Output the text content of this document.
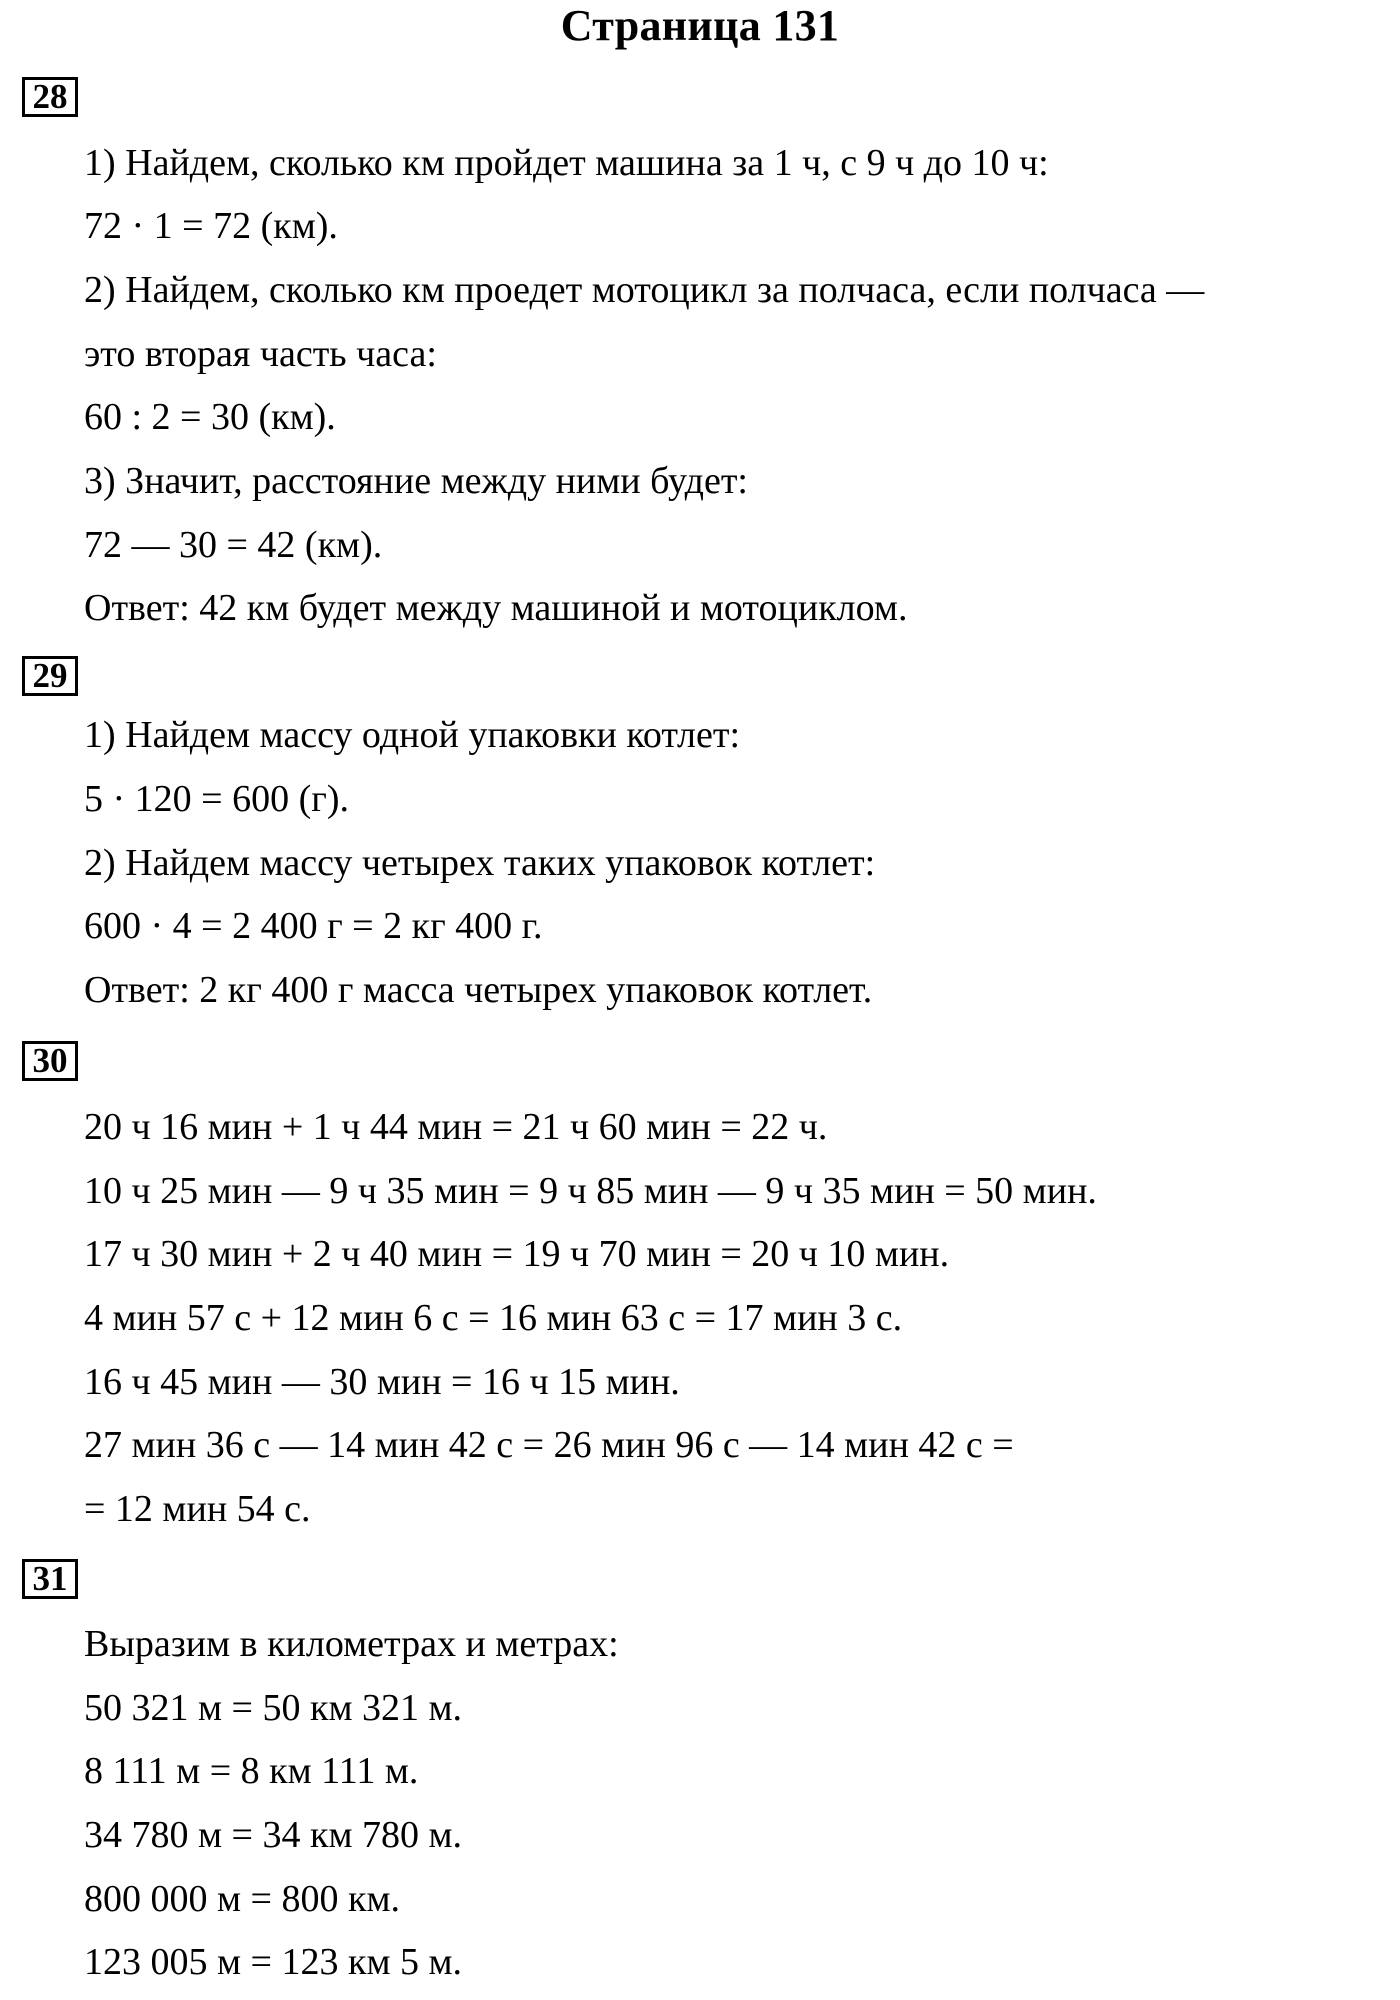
Страница 131
28
1) Найдем, сколько км пройдет машина за 1 ч, с 9 ч до 10 ч:
72 · 1 = 72 (км).
2) Найдем, сколько км проедет мотоцикл за полчаса, если полчаса —
это вторая часть часа:
60 : 2 = 30 (км).
3) Значит, расстояние между ними будет:
72 — 30 = 42 (км).
Ответ: 42 км будет между машиной и мотоциклом.
29
1) Найдем массу одной упаковки котлет:
5 · 120 = 600 (г).
2) Найдем массу четырех таких упаковок котлет:
600 · 4 = 2 400 г = 2 кг 400 г.
Ответ: 2 кг 400 г масса четырех упаковок котлет.
30
20 ч 16 мин + 1 ч 44 мин = 21 ч 60 мин = 22 ч.
10 ч 25 мин — 9 ч 35 мин = 9 ч 85 мин — 9 ч 35 мин = 50 мин.
17 ч 30 мин + 2 ч 40 мин = 19 ч 70 мин = 20 ч 10 мин.
4 мин 57 с + 12 мин 6 с = 16 мин 63 с = 17 мин 3 с.
16 ч 45 мин — 30 мин = 16 ч 15 мин.
27 мин 36 с — 14 мин 42 с = 26 мин 96 с — 14 мин 42 с =
= 12 мин 54 с.
31
Выразим в километрах и метрах:
50 321 м = 50 км 321 м.
8 111 м = 8 км 111 м.
34 780 м = 34 км 780 м.
800 000 м = 800 км.
123 005 м = 123 км 5 м.
